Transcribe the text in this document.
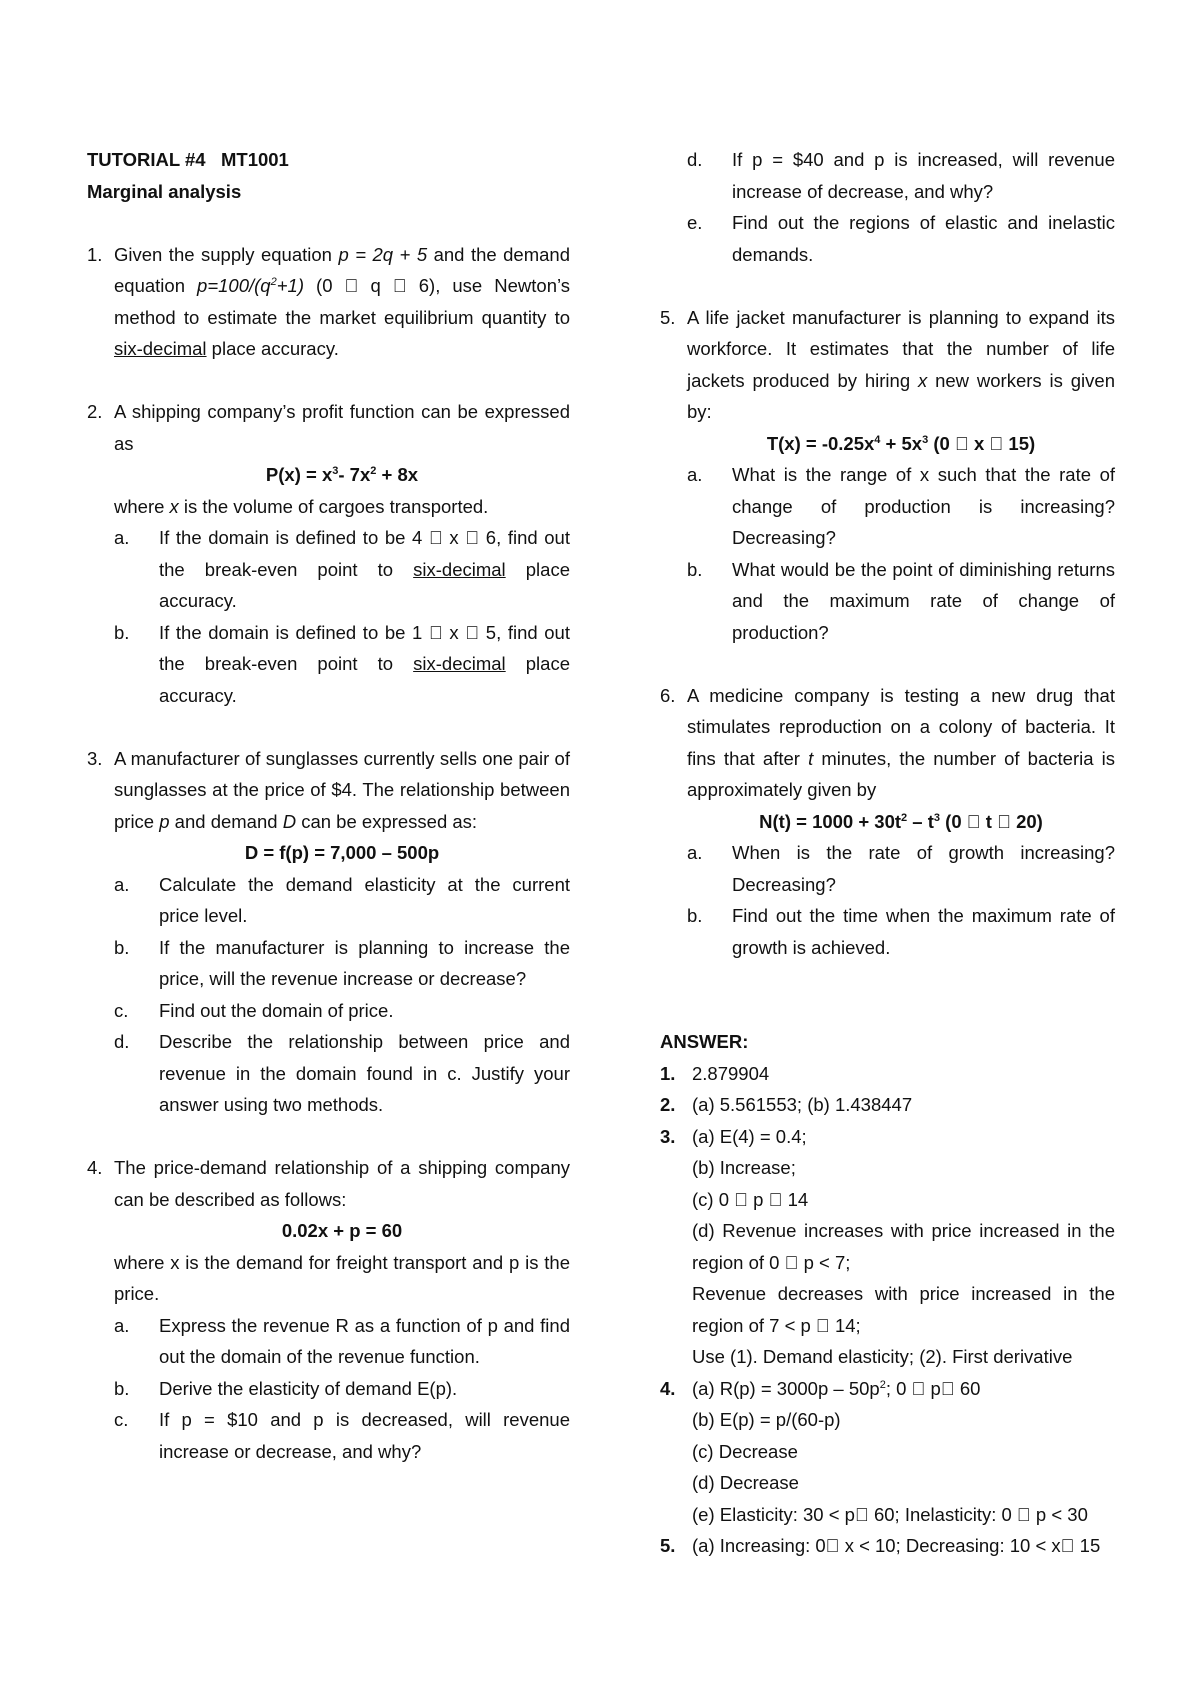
TUTORIAL #4   MT1001
Marginal analysis
1. Given the supply equation p = 2q + 5 and the demand equation $p=100/(q^2+1)$ (0 q 6), use Newton’s method to estimate the market equilibrium quantity to six-decimal place accuracy.
2. A shipping company’s profit function can be expressed as
$P(x) = x^3-$ $7x^2 + 8x$
where x is the volume of cargoes transported.
a.	If the domain is defined to be 4 x 6, find out the break-even point to six-decimal place accuracy.
b.	If the domain is defined to be 1 x 5, find out the break-even point to six-decimal place accuracy.
3. A manufacturer of sunglasses currently sells one pair of sunglasses at the price of $4. The relationship between price p and demand D can be expressed as:
D = f(p) = 7,000 – 500p
a.	Calculate the demand elasticity at the current price level.
b.	If the manufacturer is planning to increase the price, will the revenue increase or decrease?
c.	Find out the domain of price.
d.	Describe the relationship between price and revenue in the domain found in c. Justify your answer using two methods.
4. The price-demand relationship of a shipping company can be described as follows:
0.02x + p = 60
where x is the demand for freight transport and p is the price.
a.	Express the revenue R as a function of p and find out the domain of the revenue function.
b.	Derive the elasticity of demand E(p).
c.	If p = $10 and p is decreased, will revenue increase or decrease, and why?
d.	If p = $40 and p is increased, will revenue increase of decrease, and why?
e.	Find out the regions of elastic and inelastic demands.
5. A life jacket manufacturer is planning to expand its workforce. It estimates that the number of life jackets produced by hiring x new workers is given by:
$T(x) = -0.25x^4 + 5x^3$ (0 x 15)
a.	What is the range of x such that the rate of change of production is increasing? Decreasing?
b.	What would be the point of diminishing returns and the maximum rate of change of production?
6. A medicine company is testing a new drug that stimulates reproduction on a colony of bacteria. It fins that after t minutes, the number of bacteria is approximately given by
$N(t) = 1000 + 30t^2 - t^3$ (0 t 20)
a.	When is the rate of growth increasing? Decreasing?
b.	Find out the time when the maximum rate of growth is achieved.
ANSWER:
1. 2.879904
2. (a) 5.561553; (b) 1.438447
3. (a) E(4) = 0.4;
(b) Increase;
(c) 0 p 14
(d) Revenue increases with price increased in the region of 0 p < 7;
Revenue decreases with price increased in the region of 7 < p 14;
Use (1). Demand elasticity; (2). First derivative
4. (a) $R(p) = 3000p - 50p^2$; 0 p 60
(b) E(p) = p/(60-p)
(c) Decrease
(d) Decrease
(e) Elasticity: 30 < p 60; Inelasticity: 0 p < 30
5. (a) Increasing: 0 x < 10; Decreasing: 10 < x 15
